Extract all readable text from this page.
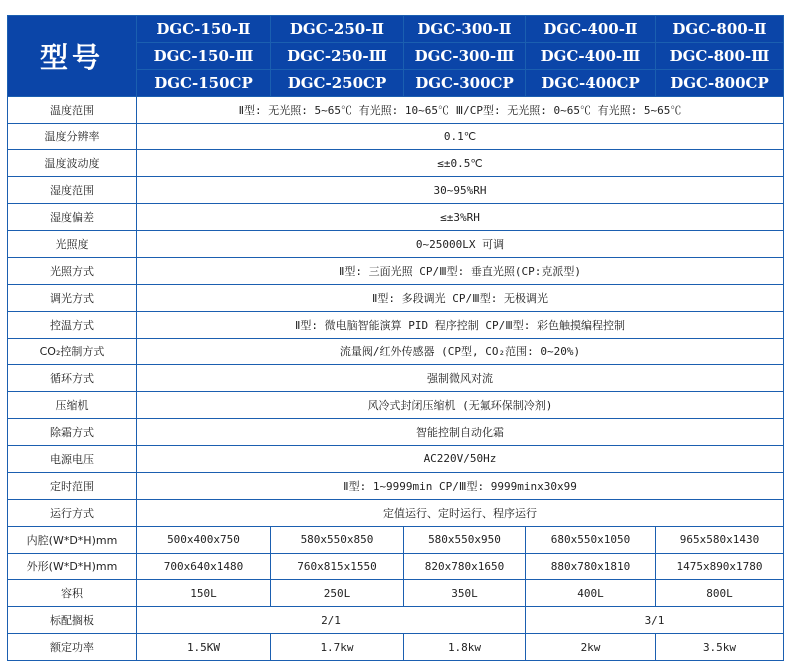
型号	DGC-150-Ⅱ	DGC-250-Ⅱ	DGC-300-Ⅱ	DGC-400-Ⅱ	DGC-800-Ⅱ
	DGC-150-Ⅲ	DGC-250-Ⅲ	DGC-300-Ⅲ	DGC-400-Ⅲ	DGC-800-Ⅲ
	DGC-150CP	DGC-250CP	DGC-300CP	DGC-400CP	DGC-800CP
温度范围	Ⅱ型: 无光照: 5~65℃ 有光照: 10~65℃ Ⅲ/CP型: 无光照: 0~65℃ 有光照: 5~65℃				
温度分辨率	0.1℃				
温度波动度	≤±0.5℃				
湿度范围	30~95%RH				
湿度偏差	≤±3%RH				
光照度	0~25000LX 可调				
光照方式	Ⅱ型: 三面光照 CP/Ⅲ型: 垂直光照(CP:克派型)				
调光方式	Ⅱ型: 多段调光 CP/Ⅲ型: 无极调光				
控温方式	Ⅱ型: 微电脑智能演算 PID 程序控制 CP/Ⅲ型: 彩色触摸编程控制				
CO₂控制方式	流量阀/红外传感器 (CP型, CO₂范围: 0~20%)				
循环方式	强制微风对流				
压缩机	风冷式封闭压缩机 (无氟环保制冷剂)				
除霜方式	智能控制自动化霜				
电源电压	AC220V/50Hz				
定时范围	Ⅱ型: 1~9999min CP/Ⅲ型: 9999minx30x99				
运行方式	定值运行、定时运行、程序运行				
内腔(W*D*H)mm	500x400x750	580x550x850	580x550x950	680x550x1050	965x580x1430
外形(W*D*H)mm	700x640x1480	760x815x1550	820x780x1650	880x780x1810	1475x890x1780
容积	150L	250L	350L	400L	800L
标配搁板	2/1			3/1	
额定功率	1.5KW	1.7kw	1.8kw	2kw	3.5kw
